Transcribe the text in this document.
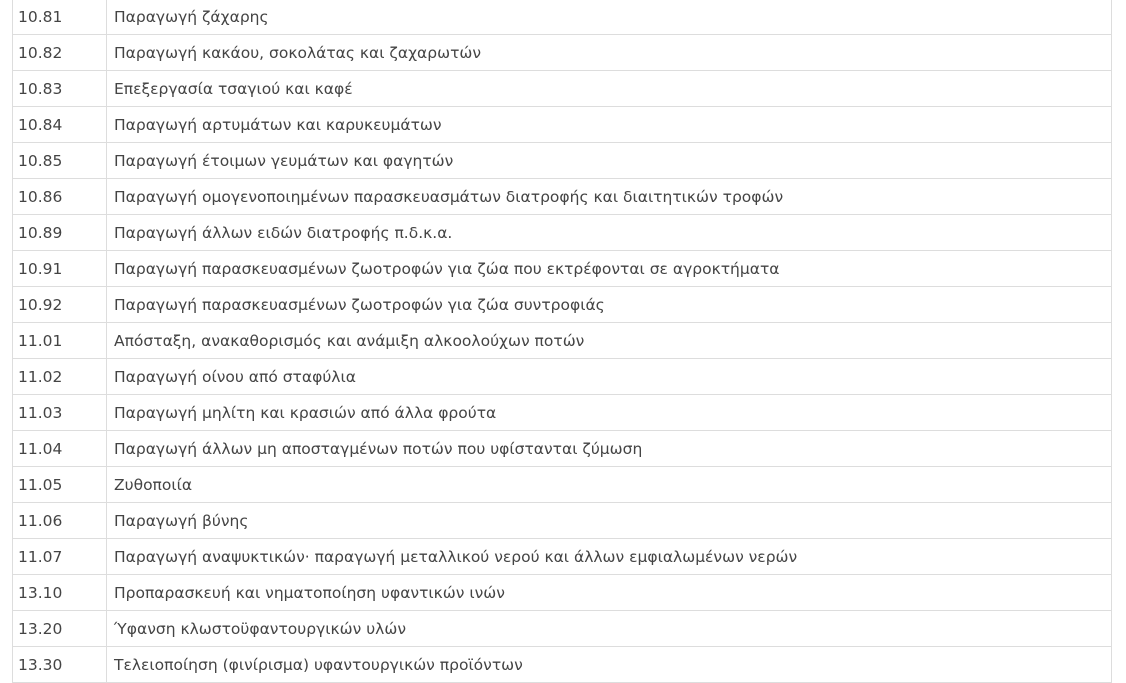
10.81	Παραγωγή ζάχαρης
10.82	Παραγωγή κακάου, σοκολάτας και ζαχαρωτών
10.83	Επεξεργασία τσαγιού και καφέ
10.84	Παραγωγή αρτυμάτων και καρυκευμάτων
10.85	Παραγωγή έτοιμων γευμάτων και φαγητών
10.86	Παραγωγή ομογενοποιημένων παρασκευασμάτων διατροφής και διαιτητικών τροφών
10.89	Παραγωγή άλλων ειδών διατροφής π.δ.κ.α.
10.91	Παραγωγή παρασκευασμένων ζωοτροφών για ζώα που εκτρέφονται σε αγροκτήματα
10.92	Παραγωγή παρασκευασμένων ζωοτροφών για ζώα συντροφιάς
11.01	Απόσταξη, ανακαθορισμός και ανάμιξη αλκοολούχων ποτών
11.02	Παραγωγή οίνου από σταφύλια
11.03	Παραγωγή μηλίτη και κρασιών από άλλα φρούτα
11.04	Παραγωγή άλλων μη αποσταγμένων ποτών που υφίστανται ζύμωση
11.05	Ζυθοποιία
11.06	Παραγωγή βύνης
11.07	Παραγωγή αναψυκτικών· παραγωγή μεταλλικού νερού και άλλων εμφιαλωμένων νερών
13.10	Προπαρασκευή και νηματοποίηση υφαντικών ινών
13.20	Ύφανση κλωστοϋφαντουργικών υλών
13.30	Τελειοποίηση (φινίρισμα) υφαντουργικών προϊόντων
